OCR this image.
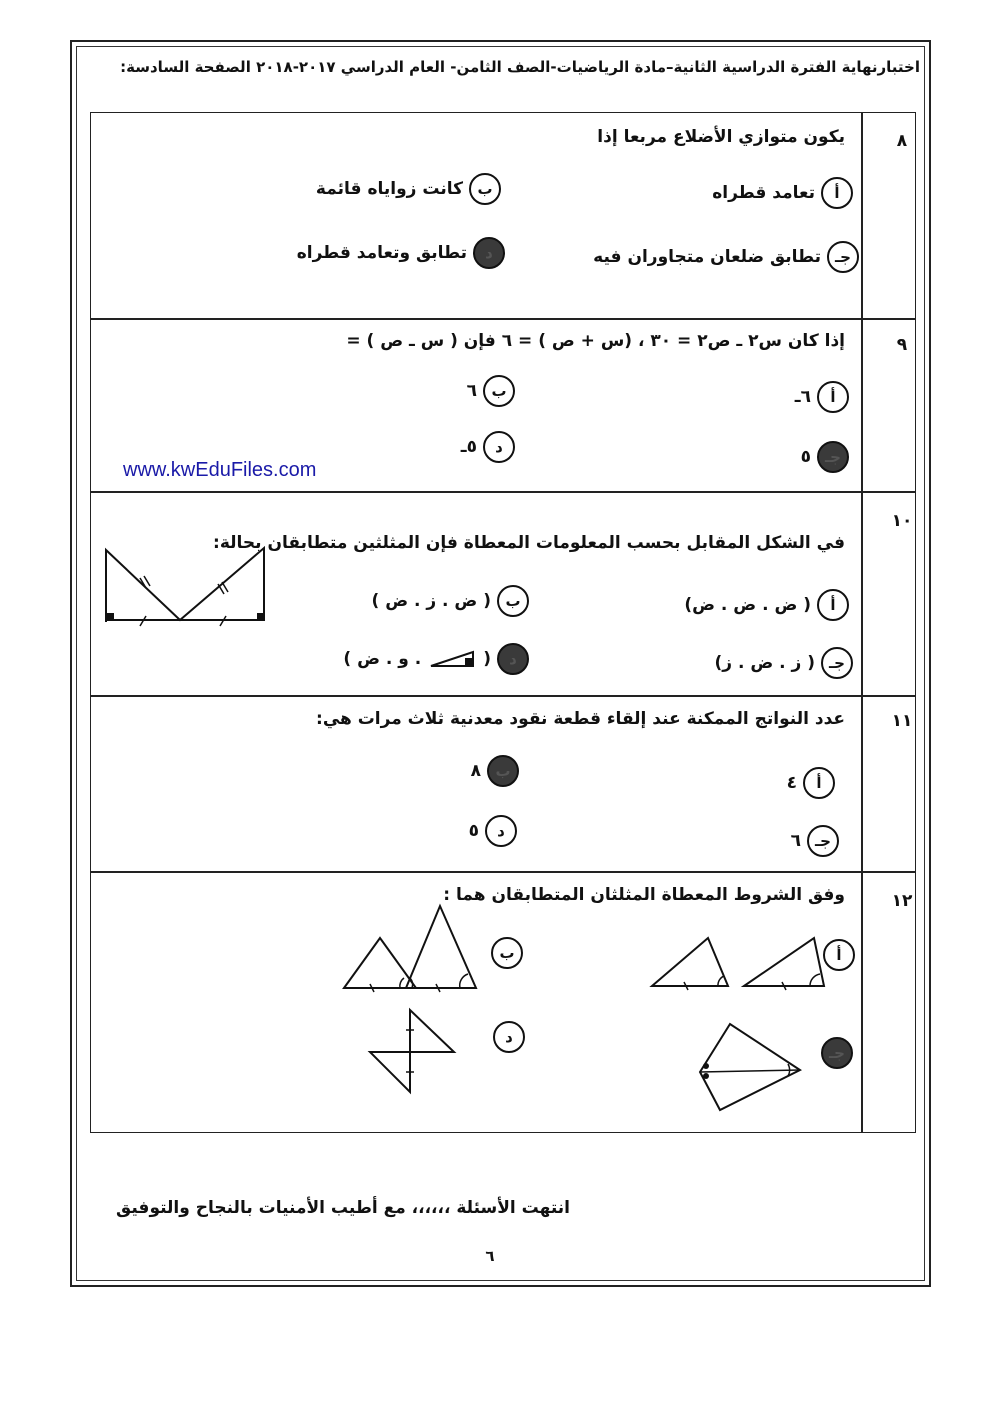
اختبارنهاية الفترة الدراسية الثانية–مادة الرياضيات-الصف الثامن- العام الدراسي ٢٠١٧-٢٠١٨ الصفحة السادسة:
٨
يكون متوازي الأضلاع مربعا إذا
أ
تعامد قطراه
ب
كانت زواياه قائمة
جـ
تطابق ضلعان متجاوران فيه
د
تطابق وتعامد قطراه
٩
إذا كان س٢ ـ ص٢ = ٣٠ ، (س + ص ) = ٦ فإن ( س ـ ص ) =
أ
٦ـ
ب
٦
جـ
٥
د
٥ـ
١٠
في الشكل المقابل بحسب المعلومات المعطاة فإن المثلثين متطابقان بحالة:
أ
( ض . ض . ض)
ب
( ض . ز . ض )
جـ
( ز . ض . ز)
د
(
. و . ض )
١١
عدد النواتج الممكنة عند إلقاء قطعة نقود معدنية ثلاث مرات هي:
أ
٤
ب
٨
جـ
٦
د
٥
١٢
وفق الشروط المعطاة المثلثان المتطابقان هما :
أ
ب
جـ
د
www.kwEduFiles.com
انتهت الأسئلة ،،،،،، مع أطيب الأمنيات بالنجاح والتوفيق
٦
